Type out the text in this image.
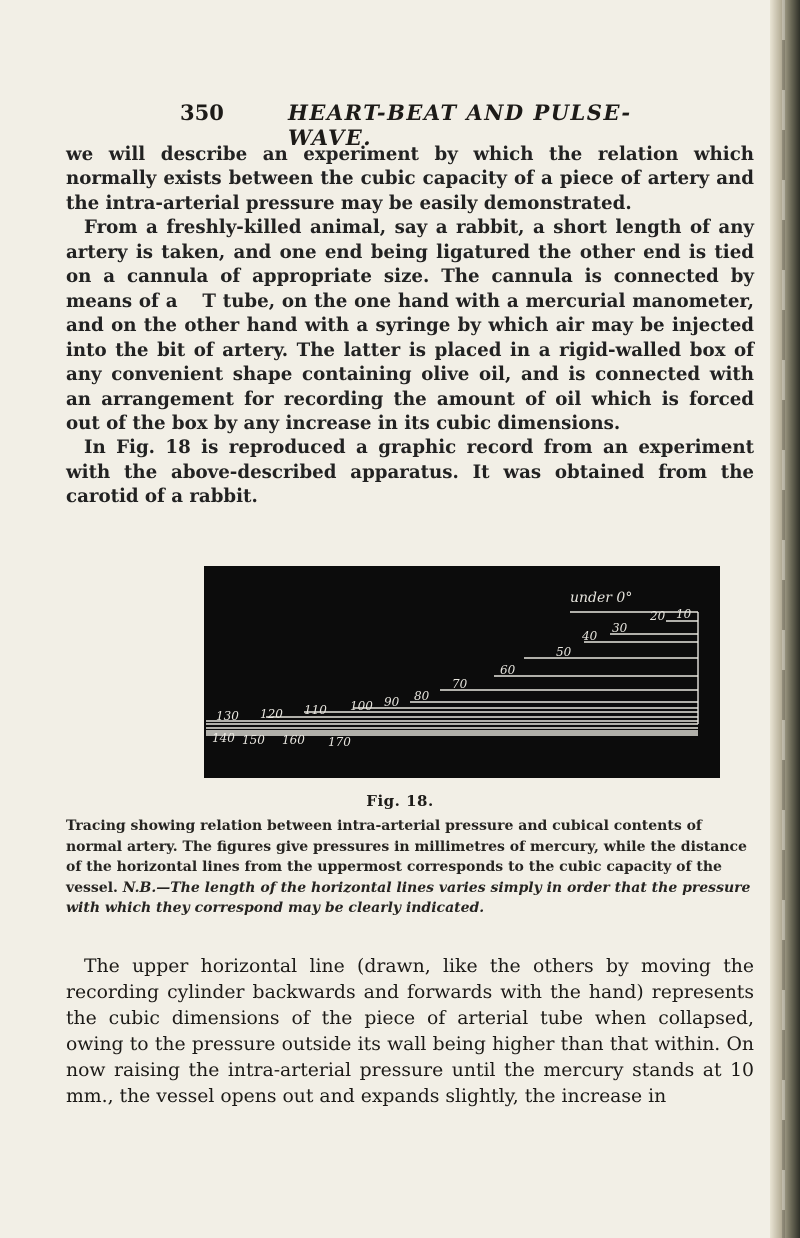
350	HEART-BEAT AND PULSE-WAVE.

we will describe an experiment by which the relation which normally exists between the cubic capacity of a piece of artery and the intra-arterial pressure may be easily demonstrated.

From a freshly-killed animal, say a rabbit, a short length of any artery is taken, and one end being ligatured the other end is tied on a cannula of appropriate size. The cannula is connected by means of a T tube, on the one hand with a mercurial manometer, and on the other hand with a syringe by which air may be injected into the bit of artery. The latter is placed in a rigid-walled box of any convenient shape containing olive oil, and is connected with an arrangement for recording the amount of oil which is forced out of the box by any increase in its cubic dimensions.

In Fig. 18 is reproduced a graphic record from an experiment with the above-described apparatus. It was obtained from the carotid of a rabbit.

under 0°
10
20
30
40
50
60
70
80
90
100
110
120
130
140 150 160 170

Fig. 18.

Tracing showing relation between intra-arterial pressure and cubical contents of normal artery. The figures give pressures in millimetres of mercury, while the distance of the horizontal lines from the uppermost corresponds to the cubic capacity of the vessel. N.B.—The length of the horizontal lines varies simply in order that the pressure with which they correspond may be clearly indicated.

The upper horizontal line (drawn, like the others by moving the recording cylinder backwards and forwards with the hand) represents the cubic dimensions of the piece of arterial tube when collapsed, owing to the pressure outside its wall being higher than that within. On now raising the intra-arterial pressure until the mercury stands at 10 mm., the vessel opens out and expands slightly, the increase in
